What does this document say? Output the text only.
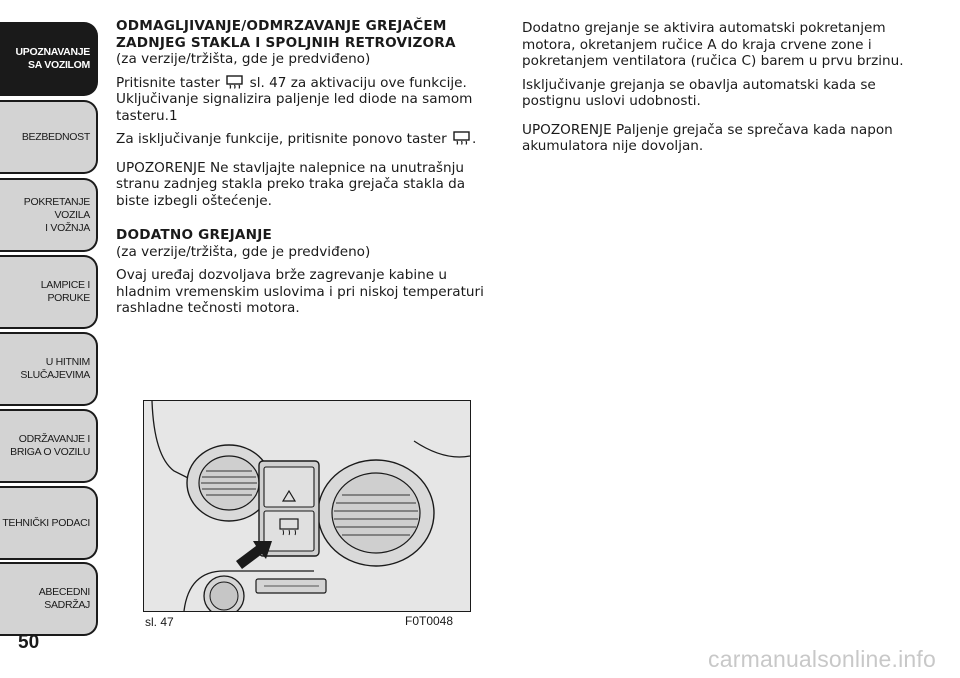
UPOZNAVANJE
SA VOZILOM
BEZBEDNOST
POKRETANJE VOZILA
I VOŽNJA
LAMPICE I PORUKE
U HITNIM
SLUČAJEVIMA
ODRŽAVANJE I
BRIGA O VOZILU
TEHNIČKI PODACI
ABECEDNI SADRŽAJ
50

ODMAGLJIVANJE/ODMRZAVANJE GREJAČEM ZADNJEG STAKLA I SPOLJNIH RETROVIZORA

(za verzije/tržišta, gde je predviđeno)

Pritisnite taster sl. 47 za aktivaciju ove funkcije. Uključivanje signalizira paljenje led diode na samom tasteru.1

Za isključivanje funkcije, pritisnite ponovo taster .

UPOZORENJE Ne stavljajte nalepnice na unutrašnju stranu zadnjeg stakla preko traka grejača stakla da biste izbegli oštećenje.

DODATNO GREJANJE

(za verzije/tržišta, gde je predviđeno)

Ovaj uređaj dozvoljava brže zagrevanje kabine u hladnim vremenskim uslovima i pri niskoj temperaturi rashladne tečnosti motora.

Dodatno grejanje se aktivira automatski pokretanjem motora, okretanjem ručice A do kraja crvene zone i pokretanjem ventilatora (ručica C) barem u prvu brzinu.

Isključivanje grejanja se obavlja automatski kada se postignu uslovi udobnosti.

UPOZORENJE Paljenje grejača se sprečava kada napon akumulatora nije dovoljan.

sl. 47	F0T0048
carmanualsonline.info
